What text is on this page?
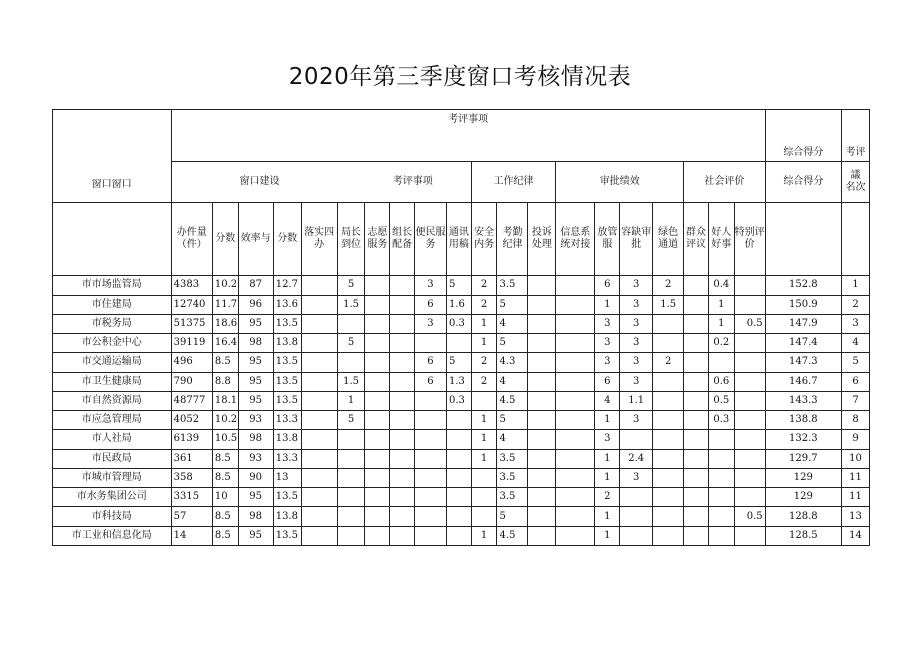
2020年第三季度窗口考核情况表
	考评事项																				综合得分	考评
	窗口建设 考评事项										工作纪律			审批绩效				社会评价			综合得分	議
名次

窗口窗口	办件量（件）	分数	效率与	分数	落实四办	局长到位	志愿服务	组长配备	便民服务	通讯用稿	安全内务	考勤纪律	投诉处理	信息系统对接	放管服	容缺审批	绿色通道	群众评议	好人好事	特别评价		
市市场监管局	4383	10.2	87	12.7		5			3	5	2	3.5			6	3	2		0.4		152.8	1
市住建局	12740	11.7	96	13.6		1.5			6	1.6	2	5			1	3	1.5		1		150.9	2
市税务局	51375	18.6	95	13.5					3	0.3	1	4			3	3			1	0.5	147.9	3
市公积金中心	39119	16.4	98	13.8		5					1	5			3	3			0.2		147.4	4
市交通运输局	496	8.5	95	13.5					6	5	2	4.3			3	3	2				147.3	5
市卫生健康局	790	8.8	95	13.5		1.5			6	1.3	2	4			6	3			0.6		146.7	6
市自然资源局	48777	18.1	95	13.5		1				0.3		4.5			4	1.1			0.5		143.3	7
市应急管理局	4052	10.2	93	13.3		5					1	5			1	3			0.3		138.8	8
市人社局	6139	10.5	98	13.8							1	4			3						132.3	9
市民政局	361	8.5	93	13.3							1	3.5			1	2.4					129.7	10
市城市管理局	358	8.5	90	13								3.5			1	3					129	11
市水务集团公司	3315	10	95	13.5								3.5			2						129	11
市科技局	57	8.5	98	13.8								5			1					0.5	128.8	13
市工业和信息化局	14	8.5	95	13.5							1	4.5			1						128.5	14
